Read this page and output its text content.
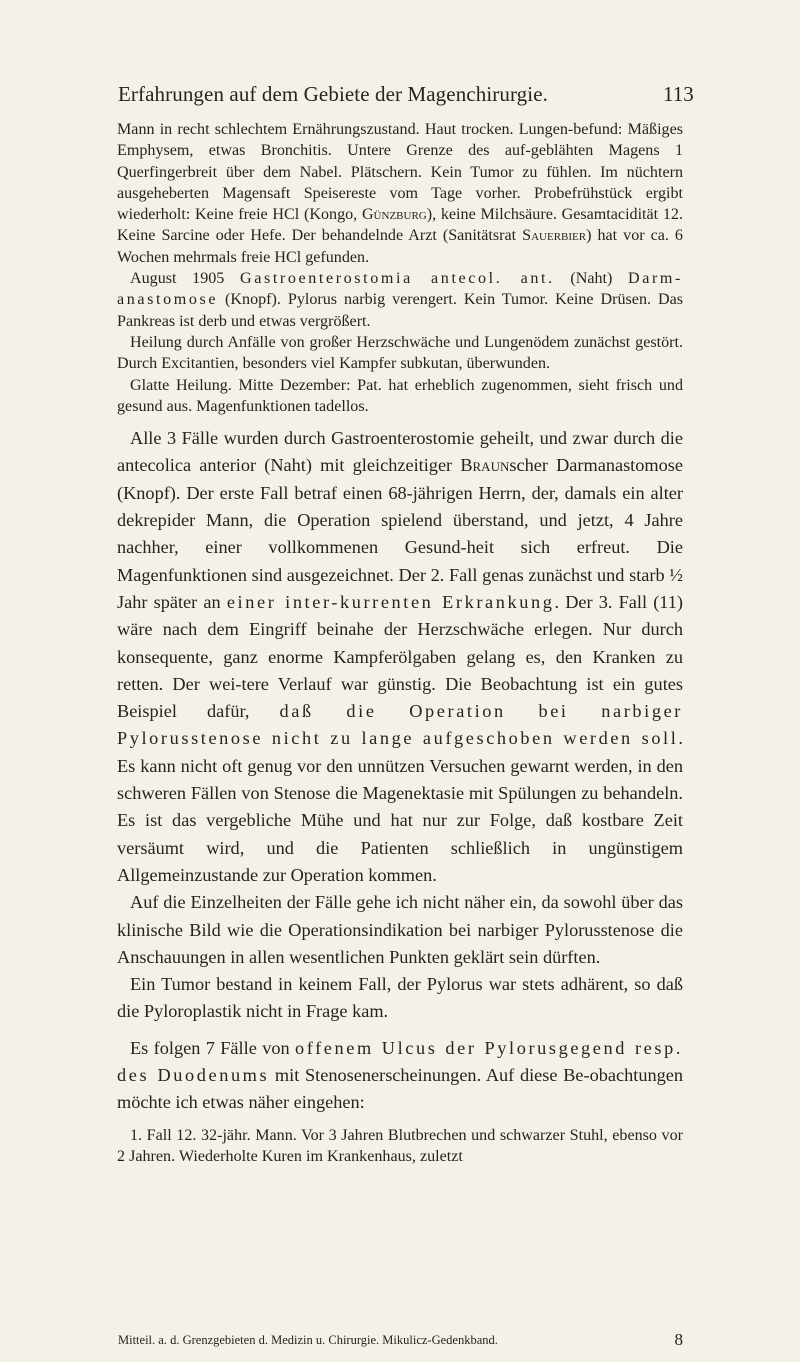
Erfahrungen auf dem Gebiete der Magenchirurgie.	113

Mann in recht schlechtem Ernährungszustand. Haut trocken. Lungen-befund: Mäßiges Emphysem, etwas Bronchitis. Untere Grenze des auf-geblähten Magens 1 Querfingerbreit über dem Nabel. Plätschern. Kein Tumor zu fühlen. Im nüchtern ausgeheberten Magensaft Speisereste vom Tage vorher. Probefrühstück ergibt wiederholt: Keine freie HCl (Kongo, Günzburg), keine Milchsäure. Gesamtacidität 12. Keine Sarcine oder Hefe. Der behandelnde Arzt (Sanitätsrat Sauerbier) hat vor ca. 6 Wochen mehrmals freie HCl gefunden.

August 1905 Gastroenterostomia antecol. ant. (Naht) Darm-anastomose (Knopf). Pylorus narbig verengert. Kein Tumor. Keine Drüsen. Das Pankreas ist derb und etwas vergrößert.

Heilung durch Anfälle von großer Herzschwäche und Lungenödem zunächst gestört. Durch Excitantien, besonders viel Kampfer subkutan, überwunden.

Glatte Heilung. Mitte Dezember: Pat. hat erheblich zugenommen, sieht frisch und gesund aus. Magenfunktionen tadellos.

Alle 3 Fälle wurden durch Gastroenterostomie geheilt, und zwar durch die antecolica anterior (Naht) mit gleichzeitiger Braunscher Darmanastomose (Knopf). Der erste Fall betraf einen 68-jährigen Herrn, der, damals ein alter dekrepider Mann, die Operation spielend überstand, und jetzt, 4 Jahre nachher, einer vollkommenen Gesund-heit sich erfreut. Die Magenfunktionen sind ausgezeichnet. Der 2. Fall genas zunächst und starb ½ Jahr später an einer inter-kurrenten Erkrankung. Der 3. Fall (11) wäre nach dem Eingriff beinahe der Herzschwäche erlegen. Nur durch konsequente, ganz enorme Kampferölgaben gelang es, den Kranken zu retten. Der wei-tere Verlauf war günstig. Die Beobachtung ist ein gutes Beispiel dafür, daß die Operation bei narbiger Pylorusstenose nicht zu lange aufgeschoben werden soll. Es kann nicht oft genug vor den unnützen Versuchen gewarnt werden, in den schweren Fällen von Stenose die Magenektasie mit Spülungen zu behandeln. Es ist das vergebliche Mühe und hat nur zur Folge, daß kostbare Zeit versäumt wird, und die Patienten schließlich in ungünstigem Allgemeinzustande zur Operation kommen.

Auf die Einzelheiten der Fälle gehe ich nicht näher ein, da sowohl über das klinische Bild wie die Operationsindikation bei narbiger Pylorusstenose die Anschauungen in allen wesentlichen Punkten geklärt sein dürften.

Ein Tumor bestand in keinem Fall, der Pylorus war stets adhärent, so daß die Pyloroplastik nicht in Frage kam.

Es folgen 7 Fälle von offenem Ulcus der Pylorusgegend resp. des Duodenums mit Stenosenerscheinungen. Auf diese Be-obachtungen möchte ich etwas näher eingehen:

1. Fall 12. 32-jähr. Mann. Vor 3 Jahren Blutbrechen und schwarzer Stuhl, ebenso vor 2 Jahren. Wiederholte Kuren im Krankenhaus, zuletzt

Mitteil. a. d. Grenzgebieten d. Medizin u. Chirurgie. Mikulicz-Gedenkband.	8
